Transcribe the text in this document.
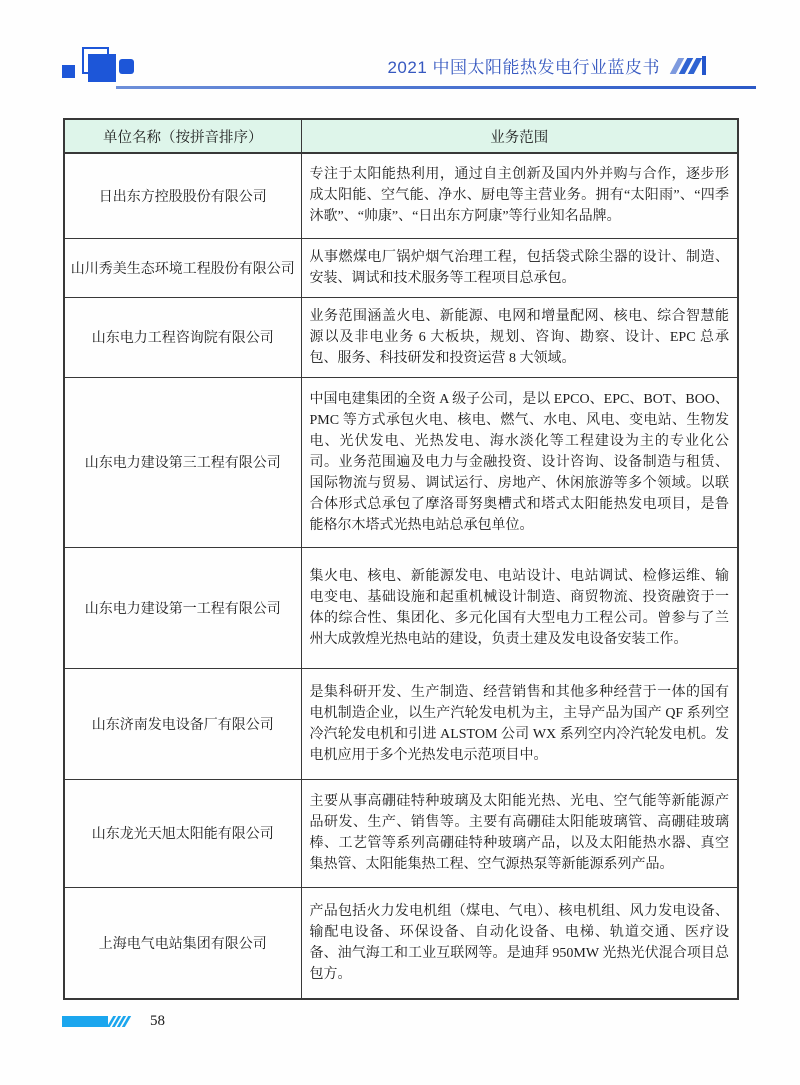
2021 中国太阳能热发电行业蓝皮书
单位名称（按拼音排序）	业务范围
日出东方控股股份有限公司	专注于太阳能热利用，通过自主创新及国内外并购与合作，逐步形成太阳能、空气能、净水、厨电等主营业务。拥有“太阳雨”、“四季沐歌”、“帅康”、“日出东方阿康”等行业知名品牌。
山川秀美生态环境工程股份有限公司	从事燃煤电厂锅炉烟气治理工程，包括袋式除尘器的设计、制造、安装、调试和技术服务等工程项目总承包。
山东电力工程咨询院有限公司	业务范围涵盖火电、新能源、电网和增量配网、核电、综合智慧能源以及非电业务 6 大板块，规划、咨询、勘察、设计、EPC 总承包、服务、科技研发和投资运营 8 大领域。
山东电力建设第三工程有限公司	中国电建集团的全资 A 级子公司，是以 EPCO、EPC、BOT、BOO、PMC 等方式承包火电、核电、燃气、水电、风电、变电站、生物发电、光伏发电、光热发电、海水淡化等工程建设为主的专业化公司。业务范围遍及电力与金融投资、设计咨询、设备制造与租赁、国际物流与贸易、调试运行、房地产、休闲旅游等多个领域。以联合体形式总承包了摩洛哥努奥槽式和塔式太阳能热发电项目，是鲁能格尔木塔式光热电站总承包单位。
山东电力建设第一工程有限公司	集火电、核电、新能源发电、电站设计、电站调试、检修运维、输电变电、基础设施和起重机械设计制造、商贸物流、投资融资于一体的综合性、集团化、多元化国有大型电力工程公司。曾参与了兰州大成敦煌光热电站的建设，负责土建及发电设备安装工作。
山东济南发电设备厂有限公司	是集科研开发、生产制造、经营销售和其他多种经营于一体的国有电机制造企业，以生产汽轮发电机为主，主导产品为国产 QF 系列空冷汽轮发电机和引进 ALSTOM 公司 WX 系列空内冷汽轮发电机。发电机应用于多个光热发电示范项目中。
山东龙光天旭太阳能有限公司	主要从事高硼硅特种玻璃及太阳能光热、光电、空气能等新能源产品研发、生产、销售等。主要有高硼硅太阳能玻璃管、高硼硅玻璃棒、工艺管等系列高硼硅特种玻璃产品，以及太阳能热水器、真空集热管、太阳能集热工程、空气源热泵等新能源系列产品。
上海电气电站集团有限公司	产品包括火力发电机组（煤电、气电）、核电机组、风力发电设备、输配电设备、环保设备、自动化设备、电梯、轨道交通、医疗设备、油气海工和工业互联网等。是迪拜 950MW 光热光伏混合项目总包方。
58
